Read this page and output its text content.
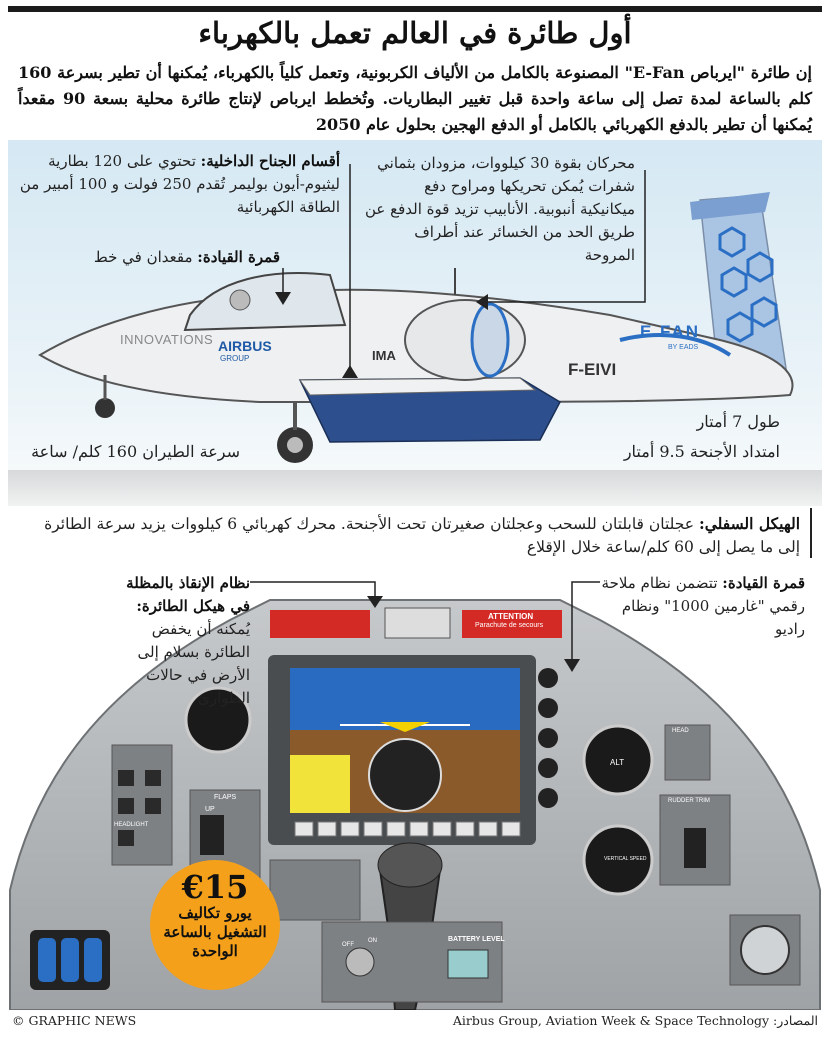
أول طائرة في العالم تعمل بالكهرباء
إن طائرة "ايرباص E-Fan" المصنوعة بالكامل من الألياف الكربونية، وتعمل كلياً بالكهرباء، يُمكنها أن تطير بسرعة 160 كلم بالساعة لمدة تصل إلى ساعة واحدة قبل تغيير البطاريات. وتُخطط ايرباص لإنتاج طائرة محلية بسعة 90 مقعداً يُمكنها أن تطير بالدفع الكهربائي بالكامل أو الدفع الهجين بحلول عام 2050
INNOVATIONS AIRBUS
GROUP	IMA
E FAN
BY EADS
F-EIVI
أقسام الجناح الداخلية: تحتوي على 120 بطارية ليثيوم-أيون بوليمر تُقدم 250 فولت و 100 أمبير من الطاقة الكهربائية
قمرة القيادة: مقعدان في خط
محركان بقوة 30 كيلووات، مزودان بثماني شفرات يُمكن تحريكها ومراوح دفع ميكانيكية أنبوبية. الأنابيب تزيد قوة الدفع عن طريق الحد من الخسائر عند أطراف المروحة
طول 7 أمتار
امتداد الأجنحة 9.5 أمتار
سرعة الطيران 160 كلم/ ساعة
الهيكل السفلي: عجلتان قابلتان للسحب وعجلتان صغيرتان تحت الأجنحة. محرك كهربائي 6 كيلووات يزيد سرعة الطائرة إلى ما يصل إلى 60 كلم/ساعة خلال الإقلاع
ATTENTION
Parachute de secours
FLAPS
UP
HEADLIGHT
BATTERY LEVEL
ALT
VERTICAL SPEED
RUDDER TRIM
HEAD
OFF
ON
نظام الإنقاذ بالمظلة في هيكل الطائرة: يُمكنه أن يخفض الطائرة بسلام إلى الأرض في حالات الطوارئ
قمرة القيادة: تتضمن نظام ملاحة رقمي "غارمين 1000" ونظام راديو
€15
يورو تكاليف
التشغيل بالساعة
الواحدة
© GRAPHIC NEWS	المصادر: Airbus Group, Aviation Week & Space Technology
